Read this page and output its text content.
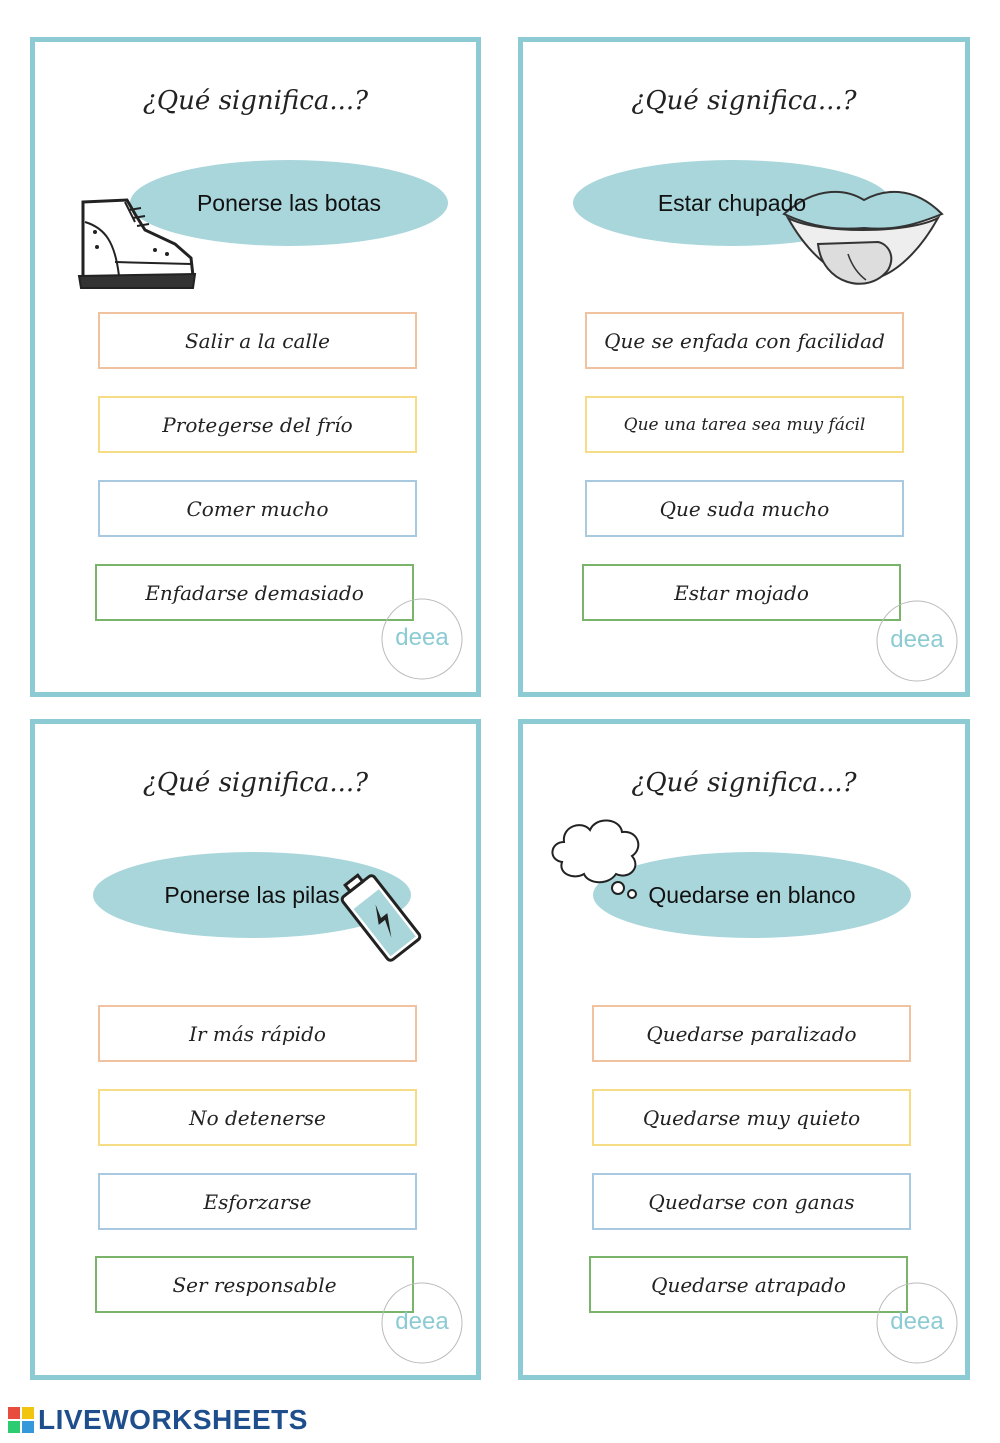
¿Qué significa...?
Ponerse las botas
Salir a la calle
Protegerse del frío
Comer mucho
Enfadarse demasiado
deea
¿Qué significa...?
Estar chupado
Que se enfada con facilidad
Que una tarea sea muy fácil
Que suda mucho
Estar mojado
deea
¿Qué significa...?
Ponerse las pilas
Ir más rápido
No detenerse
Esforzarse
Ser responsable
deea
¿Qué significa...?
Quedarse en blanco
Quedarse paralizado
Quedarse muy quieto
Quedarse con ganas
Quedarse atrapado
deea
LIVEWORKSHEETS
